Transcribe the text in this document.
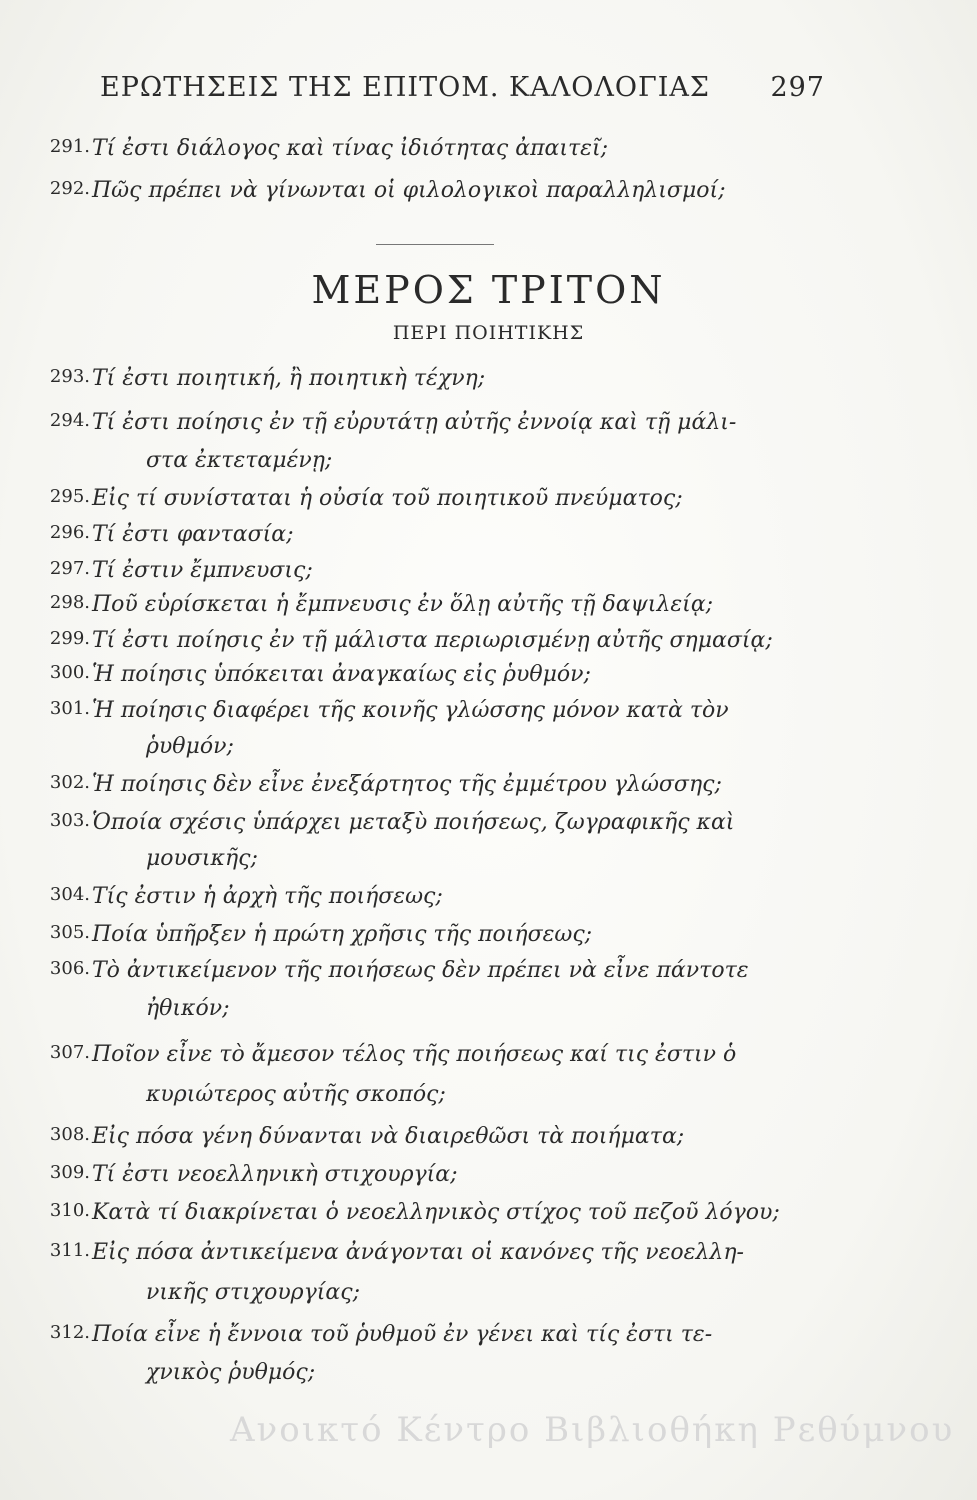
ΕΡΩΤΗΣΕΙΣ ΤΗΣ ΕΠΙΤΟΜ. ΚΑΛΟΛΟΓΙΑΣ 297
291. Τί ἐστι διάλογος καὶ τίνας ἰδιότητας ἀπαιτεῖ;
292. Πῶς πρέπει νὰ γίνωνται οἱ φιλολογικοὶ παραλληλισμοί;
ΜΕΡΟΣ ΤΡΙΤΟΝ
ΠΕΡΙ ΠΟΙΗΤΙΚΗΣ
293. Τί ἐστι ποιητική, ἢ ποιητικὴ τέχνη;
294. Τί ἐστι ποίησις ἐν τῇ εὐρυτάτῃ αὐτῆς ἐννοίᾳ καὶ τῇ μάλι-
στα ἐκτεταμένῃ;
295. Εἰς τί συνίσταται ἡ οὐσία τοῦ ποιητικοῦ πνεύματος;
296. Τί ἐστι φαντασία;
297. Τί ἐστιν ἔμπνευσις;
298. Ποῦ εὑρίσκεται ἡ ἔμπνευσις ἐν ὅλῃ αὐτῆς τῇ δαψιλείᾳ;
299. Τί ἐστι ποίησις ἐν τῇ μάλιστα περιωρισμένῃ αὐτῆς σημασίᾳ;
300. Ἡ ποίησις ὑπόκειται ἀναγκαίως εἰς ῥυθμόν;
301. Ἡ ποίησις διαφέρει τῆς κοινῆς γλώσσης μόνον κατὰ τὸν
ῥυθμόν;
302. Ἡ ποίησις δὲν εἶνε ἐνεξάρτητος τῆς ἐμμέτρου γλώσσης;
303. Ὁποία σχέσις ὑπάρχει μεταξὺ ποιήσεως, ζωγραφικῆς καὶ
μουσικῆς;
304. Τίς ἐστιν ἡ ἀρχὴ τῆς ποιήσεως;
305. Ποία ὑπῆρξεν ἡ πρώτη χρῆσις τῆς ποιήσεως;
306. Τὸ ἀντικείμενον τῆς ποιήσεως δὲν πρέπει νὰ εἶνε πάντοτε
ἠθικόν;
307. Ποῖον εἶνε τὸ ἄμεσον τέλος τῆς ποιήσεως καί τις ἐστιν ὁ
κυριώτερος αὐτῆς σκοπός;
308. Εἰς πόσα γένη δύνανται νὰ διαιρεθῶσι τὰ ποιήματα;
309. Τί ἐστι νεοελληνικὴ στιχουργία;
310. Κατὰ τί διακρίνεται ὁ νεοελληνικὸς στίχος τοῦ πεζοῦ λόγου;
311. Εἰς πόσα ἀντικείμενα ἀνάγονται οἱ κανόνες τῆς νεοελλη-
νικῆς στιχουργίας;
312. Ποία εἶνε ἡ ἔννοια τοῦ ῥυθμοῦ ἐν γένει καὶ τίς ἐστι τε-
χνικὸς ῥυθμός;
Ανοικτό Κέντρο Βιβλιοθήκη Ρεθύμνου
